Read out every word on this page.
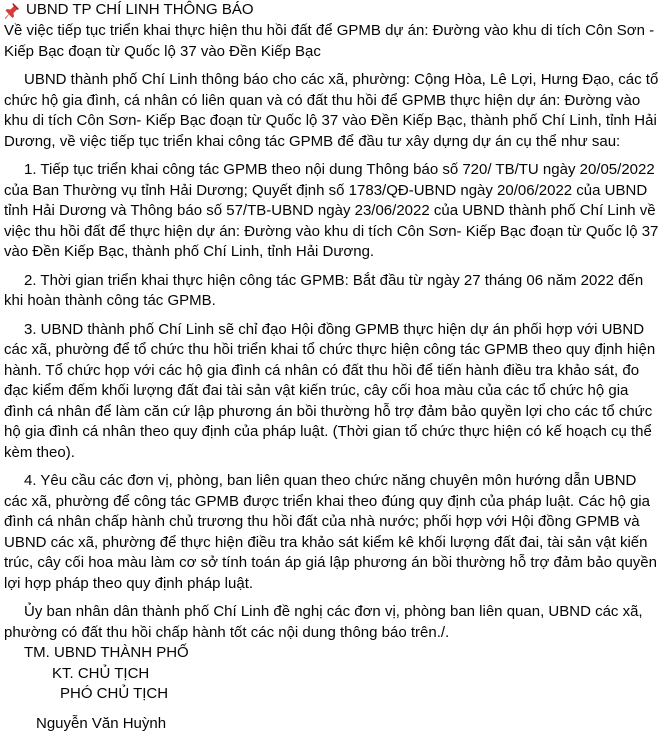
UBND TP CHÍ LINH THÔNG BÁO

Về việc tiếp tục triển khai thực hiện thu hồi đất để GPMB dự án: Đường vào khu di tích Côn Sơn - Kiếp Bạc đoạn từ Quốc lộ 37 vào Đền Kiếp Bạc

UBND thành phố Chí Linh thông báo cho các xã, phường: Cộng Hòa, Lê Lợi, Hưng Đạo, các tổ chức hộ gia đình, cá nhân có liên quan và có đất thu hồi để GPMB thực hiện dự án: Đường vào khu di tích Côn Sơn- Kiếp Bạc đoạn từ Quốc lộ 37 vào Đền Kiếp Bạc, thành phố Chí Linh, tỉnh Hải Dương, về việc tiếp tục triển khai công tác GPMB để đầu tư xây dựng dự án cụ thể như sau:

1. Tiếp tục triển khai công tác GPMB theo nội dung Thông báo số 720/ TB/TU ngày 20/05/2022 của Ban Thường vụ tỉnh Hải Dương; Quyết định số 1783/QĐ-UBND ngày 20/06/2022 của UBND tỉnh Hải Dương và Thông báo số 57/TB-UBND ngày 23/06/2022 của UBND thành phố Chí Linh về việc thu hồi đất để thực hiện dự án: Đường vào khu di tích Côn Sơn- Kiếp Bạc đoạn từ Quốc lộ 37 vào Đền Kiếp Bạc, thành phố Chí Linh, tỉnh Hải Dương.

2. Thời gian triển khai thực hiện công tác GPMB: Bắt đầu từ ngày 27 tháng 06 năm 2022 đến khi hoàn thành công tác GPMB.

3. UBND thành phố Chí Linh sẽ chỉ đạo Hội đồng GPMB thực hiện dự án phối hợp với UBND các xã, phường để tổ chức thu hồi triển khai tổ chức thực hiện công tác GPMB theo quy định hiện hành. Tổ chức họp với các hộ gia đình cá nhân có đất thu hồi để tiến hành điều tra khảo sát, đo đạc kiểm đếm khối lượng đất đai tài sản vật kiến trúc, cây cối hoa màu của các tổ chức hộ gia đình cá nhân để làm căn cứ lập phương án bồi thường hỗ trợ đảm bảo quyền lợi cho các tổ chức hộ gia đình cá nhân theo quy định của pháp luật. (Thời gian tổ chức thực hiện có kế hoạch cụ thể kèm theo).

4. Yêu cầu các đơn vị, phòng, ban liên quan theo chức năng chuyên môn hướng dẫn UBND các xã, phường để công tác GPMB được triển khai theo đúng quy định của pháp luật. Các hộ gia đình cá nhân chấp hành chủ trương thu hồi đất của nhà nước; phối hợp với Hội đồng GPMB và UBND các xã, phường để thực hiện điều tra khảo sát kiểm kê khối lượng đất đai, tài sản vật kiến trúc, cây cối hoa màu làm cơ sở tính toán áp giá lập phương án bồi thường hỗ trợ đảm bảo quyền lợi hợp pháp theo quy định pháp luật.

Ủy ban nhân dân thành phố Chí Linh đề nghị các đơn vị, phòng ban liên quan, UBND các xã, phường có đất thu hồi chấp hành tốt các nội dung thông báo trên./.

TM. UBND THÀNH PHỐ

KT. CHỦ TỊCH

PHÓ CHỦ TỊCH

Nguyễn Văn Huỳnh
